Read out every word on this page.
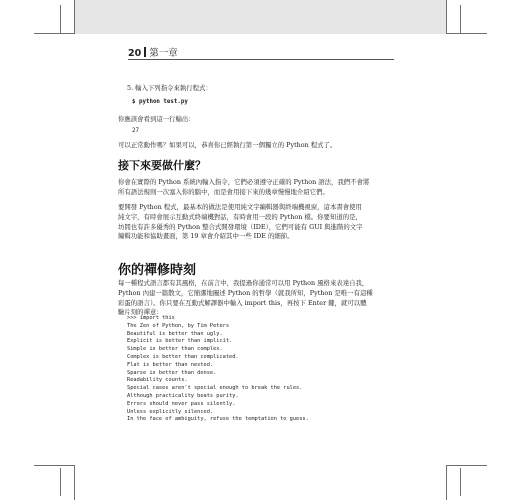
20 第一章
5. 輸入下列指令來執行程式：
$ python test.py
你應該會看到這一行輸出：
27
可以正常動作嗎？如果可以，恭喜你已經執行第一個獨立的 Python 程式了。
接下來要做什麼？
你會在實際的 Python 系統內輸入指令，它們必須遵守正確的 Python 語法，我們不會將
所有語法規則一次塞入你的腦中，而是會用接下來的幾章慢慢地介紹它們。
要開發 Python 程式，最基本的做法是使用純文字編輯器與終端機視窗，這本書會使用
純文字，有時會展示互動式終端機對話，有時會用一段的 Python 檔。你要知道的是，
坊間也有許多優秀的 Python 整合式開發環境（IDE），它們可能有 GUI 與進階的文字
編輯功能和協助畫面，第 19 章會介紹其中一些 IDE 的細節。
你的禪修時刻
每一種程式語言都有其風格，在前言中，我提過你通常可以用 Python 風格來表達自我，
Python 內建一篇散文，它簡潔地闡述 Python 的哲學（就我所知，Python 是唯一有這種
彩蛋的語言）。你只要在互動式解譯器中輸入 import this，再按下 Enter 鍵，就可以體
驗片刻的禪意：
>>> import this
The Zen of Python, by Tim Peters
Beautiful is better than ugly.
Explicit is better than implicit.
Simple is better than complex.
Complex is better than complicated.
Flat is better than nested.
Sparse is better than dense.
Readability counts.
Special cases aren't special enough to break the rules.
Although practicality beats purity.
Errors should never pass silently.
Unless explicitly silenced.
In the face of ambiguity, refuse the temptation to guess.
